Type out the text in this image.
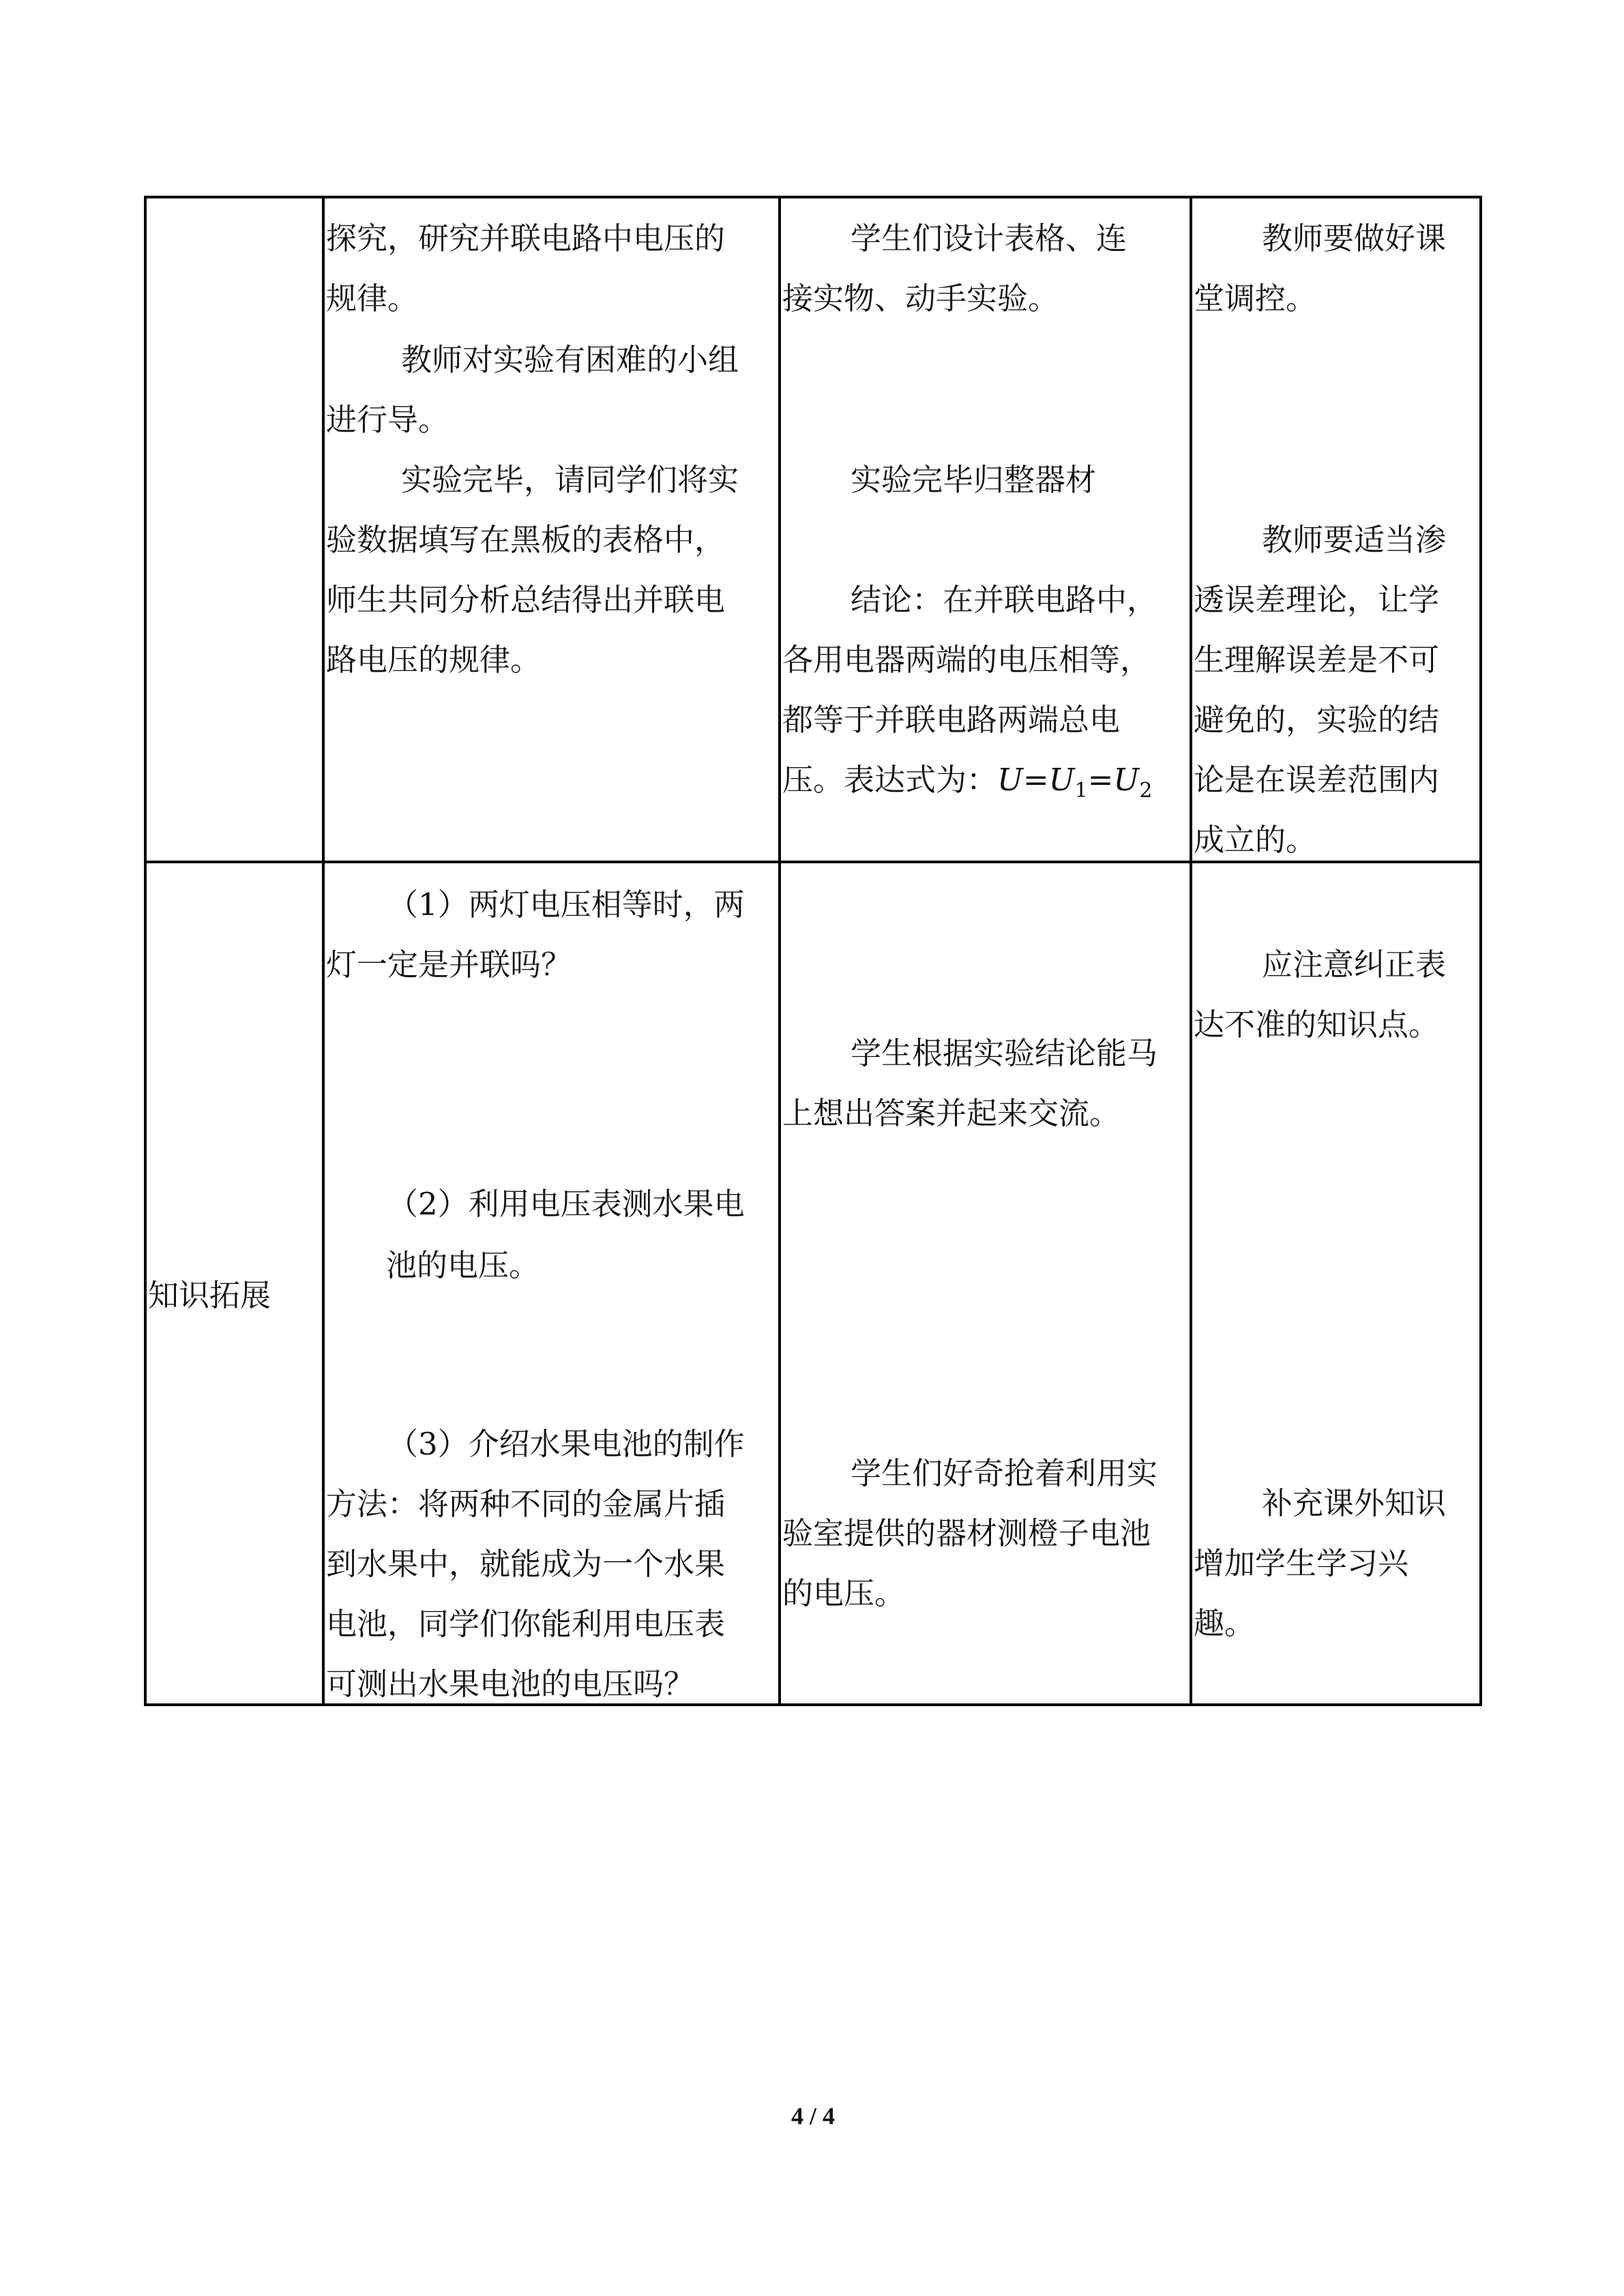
探究，研究并联电路中电压的
规律。
教师对实验有困难的小组
进行导。
实验完毕，请同学们将实
验数据填写在黑板的表格中，
师生共同分析总结得出并联电
路电压的规律。
学生们设计表格、连
接实物、动手实验。
实验完毕归整器材
结论：在并联电路中，
各用电器两端的电压相等，
都等于并联电路两端总电
压。表达式为：$U=U_1=U_2$
教师要做好课
堂调控。
教师要适当渗
透误差理论，让学
生理解误差是不可
避免的，实验的结
论是在误差范围内
成立的。
知识拓展
（1）两灯电压相等时，两
灯一定是并联吗？
（2）利用电压表测水果电
池的电压。
（3）介绍水果电池的制作
方法：将两种不同的金属片插
到水果中，就能成为一个水果
电池，同学们你能利用电压表
可测出水果电池的电压吗？
学生根据实验结论能马
上想出答案并起来交流。
学生们好奇抢着利用实
验室提供的器材测橙子电池
的电压。
应注意纠正表
达不准的知识点。
补充课外知识
增加学生学习兴
趣。
4 / 4
